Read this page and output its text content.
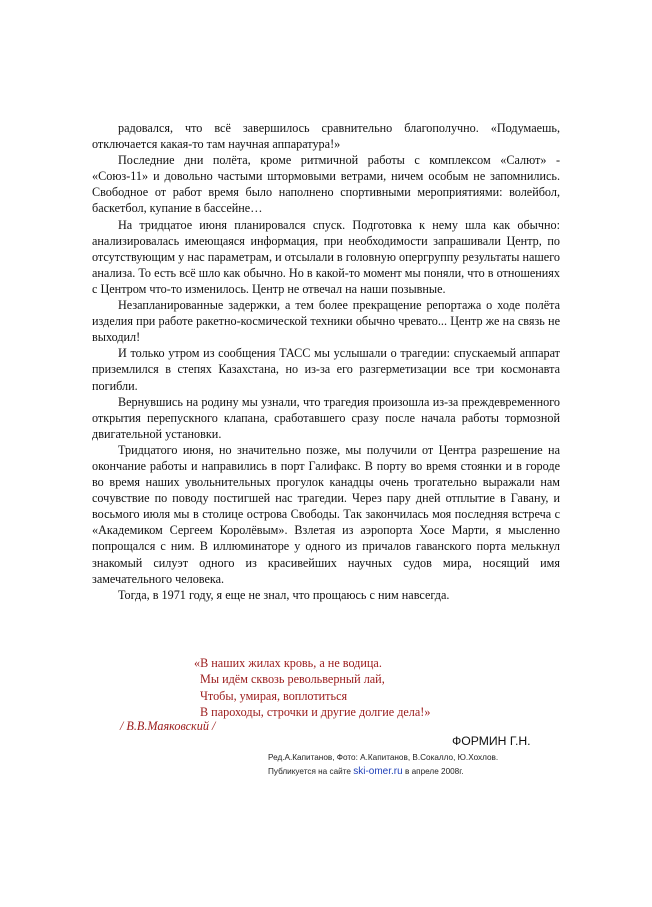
радовался, что всё завершилось сравнительно благополучно. «Подумаешь, отключается какая-то там научная аппаратура!»

Последние дни полёта, кроме ритмичной работы с комплексом «Салют» - «Союз-11» и довольно частыми штормовыми ветрами, ничем особым не запомнились. Свободное от работ время было наполнено спортивными мероприятиями: волейбол, баскетбол, купание в бассейне…

На тридцатое июня планировался спуск. Подготовка к нему шла как обычно: анализировалась имеющаяся информация, при необходимости запрашивали Центр, по отсутствующим у нас параметрам, и отсылали в головную опергруппу результаты нашего анализа. То есть всё шло как обычно. Но в какой-то момент мы поняли, что в отношениях с Центром что-то изменилось. Центр не отвечал на наши позывные.

Незапланированные задержки, а тем более прекращение репортажа о ходе полёта изделия при работе ракетно-космической техники обычно чревато... Центр же на связь не выходил!

И только утром из сообщения ТАСС мы услышали о трагедии: спускаемый аппарат приземлился в степях Казахстана, но из-за его разгерметизации все три космонавта погибли.

Вернувшись на родину мы узнали, что трагедия произошла из-за преждевременного открытия перепускного клапана, сработавшего сразу после начала работы тормозной двигательной установки.

Тридцатого июня, но значительно позже, мы получили от Центра разрешение на окончание работы и направились в порт Галифакс. В порту во время стоянки и в городе во время наших увольнительных прогулок канадцы очень трогательно выражали нам сочувствие по поводу постигшей нас трагедии. Через пару дней отплытие в Гавану, и восьмого июля мы в столице острова Свободы. Так закончилась моя последняя встреча с «Академиком Сергеем Королёвым». Взлетая из аэропорта Хосе Марти, я мысленно попрощался с ним. В иллюминаторе у одного из причалов гаванского порта мелькнул знакомый силуэт одного из красивейших научных судов мира, носящий имя замечательного человека.

Тогда, в 1971 году, я еще не знал, что прощаюсь с ним навсегда.

«В наших жилах кровь, а не водица.
Мы идём сквозь револьверный лай,
Чтобы, умирая, воплотиться
В пароходы, строчки и другие долгие дела!»
/ В.В.Маяковский /
ФОРМИН Г.Н.
Ред.А.Капитанов, Фото: А.Капитанов, В.Сокалло, Ю.Хохлов.
Публикуется на сайте ski-omer.ru в апреле 2008г.
